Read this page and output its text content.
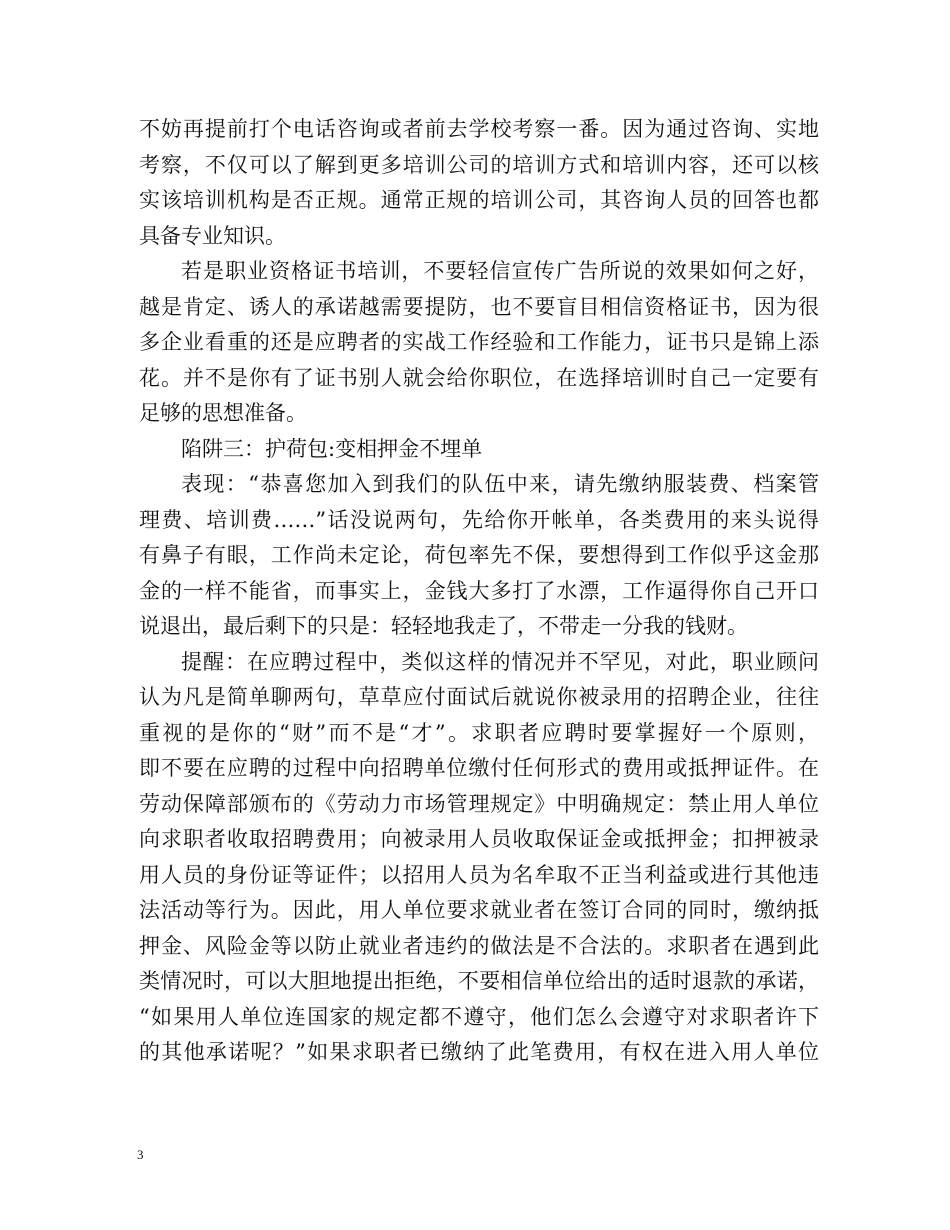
不妨再提前打个电话咨询或者前去学校考察一番。因为通过咨询、实地
考察，不仅可以了解到更多培训公司的培训方式和培训内容，还可以核
实该培训机构是否正规。通常正规的培训公司，其咨询人员的回答也都
具备专业知识。
若是职业资格证书培训，不要轻信宣传广告所说的效果如何之好，
越是肯定、诱人的承诺越需要提防，也不要盲目相信资格证书，因为很
多企业看重的还是应聘者的实战工作经验和工作能力，证书只是锦上添
花。并不是你有了证书别人就会给你职位，在选择培训时自己一定要有
足够的思想准备。
陷阱三：护荷包:变相押金不埋单
表现：“恭喜您加入到我们的队伍中来，请先缴纳服装费、档案管
理费、培训费……”话没说两句，先给你开帐单，各类费用的来头说得
有鼻子有眼，工作尚未定论，荷包率先不保，要想得到工作似乎这金那
金的一样不能省，而事实上，金钱大多打了水漂，工作逼得你自己开口
说退出，最后剩下的只是：轻轻地我走了，不带走一分我的钱财。
提醒：在应聘过程中，类似这样的情况并不罕见，对此，职业顾问
认为凡是简单聊两句，草草应付面试后就说你被录用的招聘企业，往往
重视的是你的“财”而不是“才”。求职者应聘时要掌握好一个原则，
即不要在应聘的过程中向招聘单位缴付任何形式的费用或抵押证件。在
劳动保障部颁布的《劳动力市场管理规定》中明确规定：禁止用人单位
向求职者收取招聘费用；向被录用人员收取保证金或抵押金；扣押被录
用人员的身份证等证件；以招用人员为名牟取不正当利益或进行其他违
法活动等行为。因此，用人单位要求就业者在签订合同的同时，缴纳抵
押金、风险金等以防止就业者违约的做法是不合法的。求职者在遇到此
类情况时，可以大胆地提出拒绝，不要相信单位给出的适时退款的承诺，
“如果用人单位连国家的规定都不遵守，他们怎么会遵守对求职者许下
的其他承诺呢？”如果求职者已缴纳了此笔费用，有权在进入用人单位
3
